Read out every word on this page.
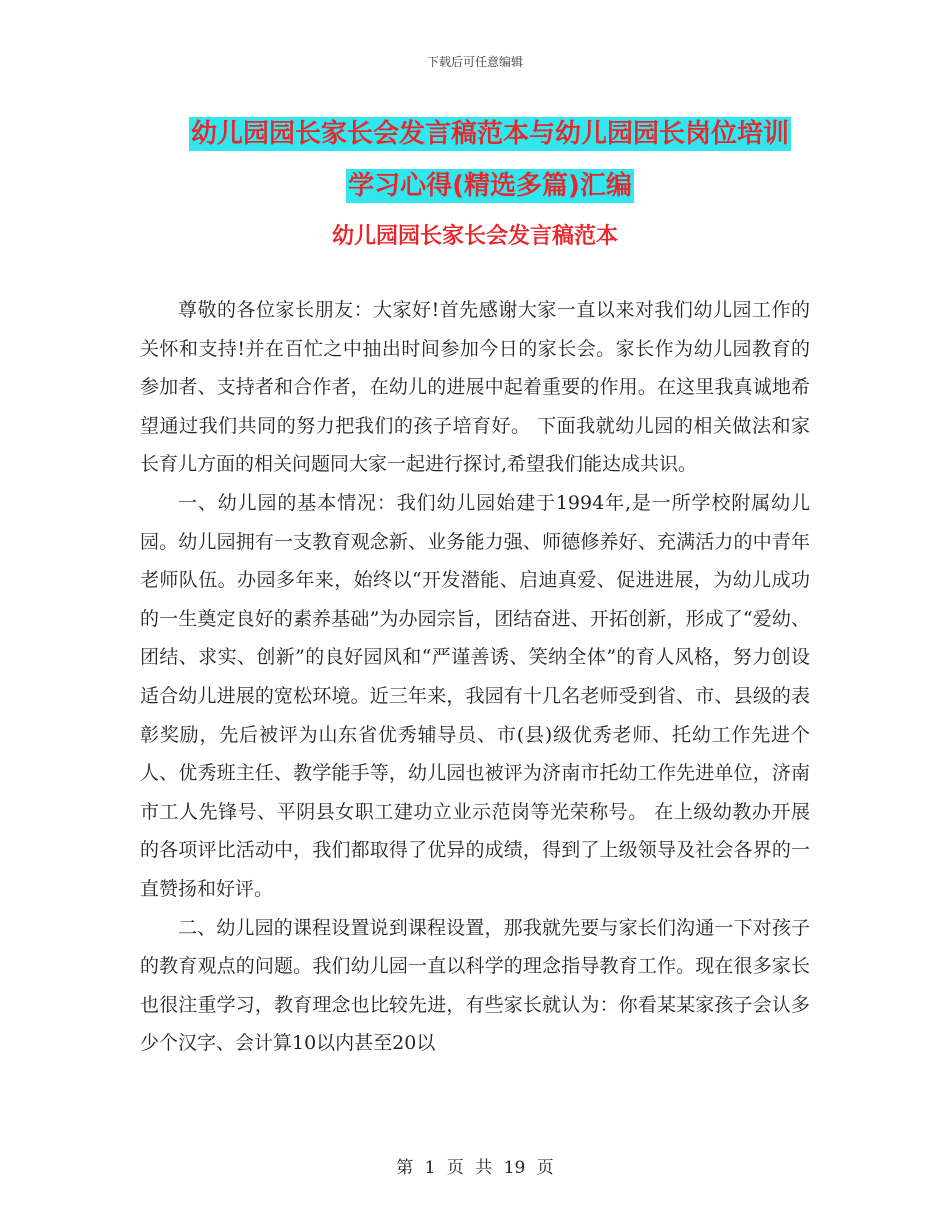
下载后可任意编辑
幼儿园园长家长会发言稿范本与幼儿园园长岗位培训
学习心得(精选多篇)汇编
幼儿园园长家长会发言稿范本

尊敬的各位家长朋友：大家好!首先感谢大家一直以来对我们幼儿园工作的关怀和支持!并在百忙之中抽出时间参加今日的家长会。家长作为幼儿园教育的参加者、支持者和合作者，在幼儿的进展中起着重要的作用。在这里我真诚地希望通过我们共同的努力把我们的孩子培育好。 下面我就幼儿园的相关做法和家长育儿方面的相关问题同大家一起进行探讨,希望我们能达成共识。

一、幼儿园的基本情况：我们幼儿园始建于1994年,是一所学校附属幼儿园。幼儿园拥有一支教育观念新、业务能力强、师德修养好、充满活力的中青年老师队伍。办园多年来，始终以“开发潜能、启迪真爱、促进进展，为幼儿成功的一生奠定良好的素养基础”为办园宗旨，团结奋进、开拓创新，形成了“爱幼、团结、求实、创新”的良好园风和“严谨善诱、笑纳全体”的育人风格，努力创设适合幼儿进展的宽松环境。近三年来，我园有十几名老师受到省、市、县级的表彰奖励，先后被评为山东省优秀辅导员、市(县)级优秀老师、托幼工作先进个人、优秀班主任、教学能手等，幼儿园也被评为济南市托幼工作先进单位，济南市工人先锋号、平阴县女职工建功立业示范岗等光荣称号。 在上级幼教办开展的各项评比活动中，我们都取得了优异的成绩，得到了上级领导及社会各界的一直赞扬和好评。

二、幼儿园的课程设置说到课程设置，那我就先要与家长们沟通一下对孩子的教育观点的问题。我们幼儿园一直以科学的理念指导教育工作。现在很多家长也很注重学习，教育理念也比较先进，有些家长就认为：你看某某家孩子会认多少个汉字、会计算10以内甚至20以

第 1 页 共 19 页
